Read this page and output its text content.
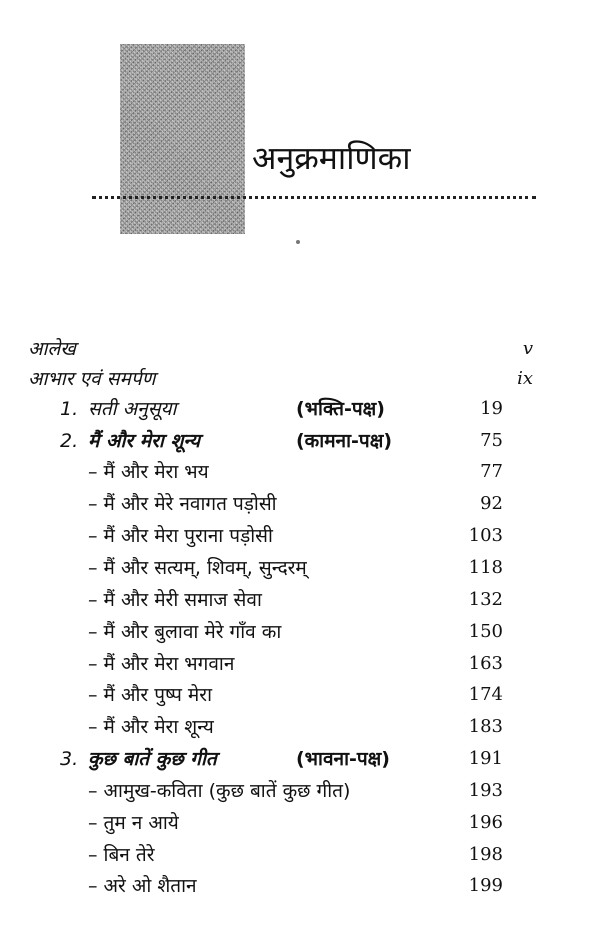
अनुक्रमाणिका
आलेख	v
आभार एवं समर्पण	ix
1. सती अनुसूया	(भक्ति-पक्ष)	19
2. मैं और मेरा शून्य	(कामना-पक्ष)	75
– मैं और मेरा भय	77
– मैं और मेरे नवागत पड़ोसी	92
– मैं और मेरा पुराना पड़ोसी	103
– मैं और सत्यम्, शिवम्, सुन्दरम्	118
– मैं और मेरी समाज सेवा	132
– मैं और बुलावा मेरे गाँव का	150
– मैं और मेरा भगवान	163
– मैं और पुष्प मेरा	174
– मैं और मेरा शून्य	183
3. कुछ बातें कुछ गीत	(भावना-पक्ष)	191
– आमुख-कविता (कुछ बातें कुछ गीत)	193
– तुम न आये	196
– बिन तेरे	198
– अरे ओ शैतान	199
